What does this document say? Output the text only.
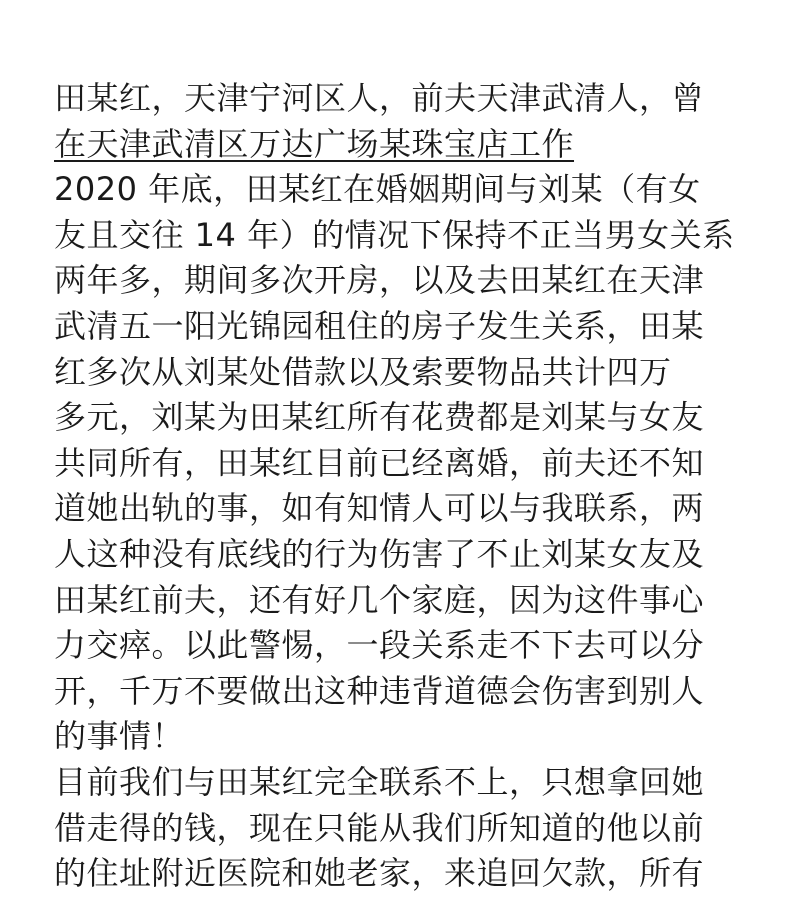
田某红，天津宁河区人，前夫天津武清人，曾
在天津武清区万达广场某珠宝店工作
2020 年底，田某红在婚姻期间与刘某（有女
友且交往 14 年）的情况下保持不正当男女关系
两年多，期间多次开房，以及去田某红在天津
武清五一阳光锦园租住的房子发生关系，田某
红多次从刘某处借款以及索要物品共计四万
多元，刘某为田某红所有花费都是刘某与女友
共同所有，田某红目前已经离婚，前夫还不知
道她出轨的事，如有知情人可以与我联系，两
人这种没有底线的行为伤害了不止刘某女友及
田某红前夫，还有好几个家庭，因为这件事心
力交瘁。以此警惕，一段关系走不下去可以分
开，千万不要做出这种违背道德会伤害到别人
的事情！
目前我们与田某红完全联系不上，只想拿回她
借走得的钱，现在只能从我们所知道的他以前
的住址附近医院和她老家，来追回欠款，所有
